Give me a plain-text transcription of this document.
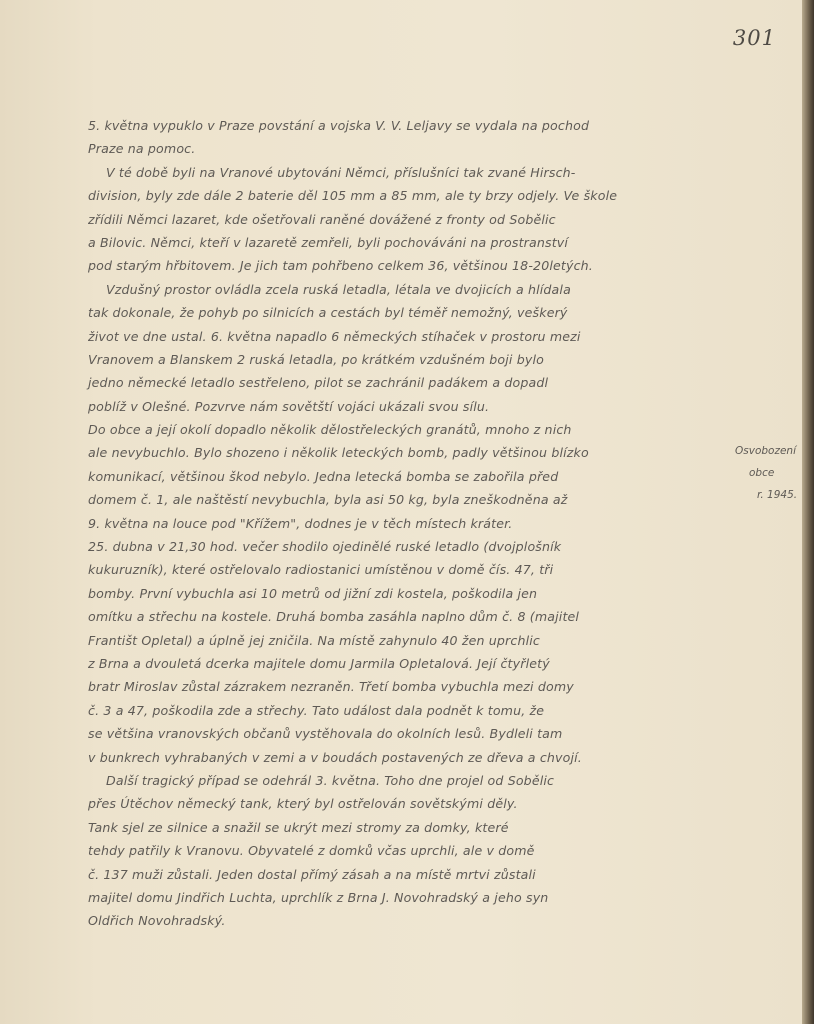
301
5. května vypuklo v Praze povstání a vojska V. V. Leljavy se vydala na pochod
Praze na pomoc.
V té době byli na Vranové ubytováni Němci, příslušníci tak zvané Hirsch-
division, byly zde dále 2 baterie děl 105 mm a 85 mm, ale ty brzy odjely. Ve škole
zřídili Němci lazaret, kde ošetřovali raněné dovážené z fronty od Sobělic
a Bilovic. Němci, kteří v lazaretě zemřeli, byli pochováváni na prostranství
pod starým hřbitovem. Je jich tam pohřbeno celkem 36, většinou 18-20letých.
Vzdušný prostor ovládla zcela ruská letadla, létala ve dvojicích a hlídala
tak dokonale, že pohyb po silnicích a cestách byl téměř nemožný, veškerý
život ve dne ustal. 6. května napadlo 6 německých stíhaček v prostoru mezi
Vranovem a Blanskem 2 ruská letadla, po krátkém vzdušném boji bylo
jedno německé letadlo sestřeleno, pilot se zachránil padákem a dopadl
poblíž v Olešné. Pozvrve nám sovětští vojáci ukázali svou sílu.
Do obce a její okolí dopadlo několik dělostřeleckých granátů, mnoho z nich
ale nevybuchlo. Bylo shozeno i několik leteckých bomb, padly většinou blízko
komunikací, většinou škod nebylo. Jedna letecká bomba se zabořila před
domem č. 1, ale naštěstí nevybuchla, byla asi 50 kg, byla zneškodněna až
9. května na louce pod "Křížem", dodnes je v těch místech kráter.
25. dubna v 21,30 hod. večer shodilo ojedinělé ruské letadlo (dvojplošník
kukuruzník), které ostřelovalo radiostanici umístěnou v domě čís. 47, tři
bomby. První vybuchla asi 10 metrů od jižní zdi kostela, poškodila jen
omítku a střechu na kostele. Druhá bomba zasáhla naplno dům č. 8 (majitel
Františt Opletal) a úplně jej zničila. Na místě zahynulo 40 žen uprchlic
z Brna a dvouletá dcerka majitele domu Jarmila Opletalová. Její čtyřletý
bratr Miroslav zůstal zázrakem nezraněn. Třetí bomba vybuchla mezi domy
č. 3 a 47, poškodila zde a střechy. Tato událost dala podnět k tomu, že
se většina vranovských občanů vystěhovala do okolních lesů. Bydleli tam
v bunkrech vyhrabaných v zemi a v boudách postavených ze dřeva a chvojí.
Další tragický případ se odehrál 3. května. Toho dne projel od Sobělic
přes Útěchov německý tank, který byl ostřelován sovětskými děly.
Tank sjel ze silnice a snažil se ukrýt mezi stromy za domky, které
tehdy patřily k Vranovu. Obyvatelé z domků včas uprchli, ale v domě
č. 137 muži zůstali. Jeden dostal přímý zásah a na místě mrtvi zůstali
majitel domu Jindřich Luchta, uprchlík z Brna J. Novohradský a jeho syn
Oldřich Novohradský.
Osvobození
obce
r. 1945.
